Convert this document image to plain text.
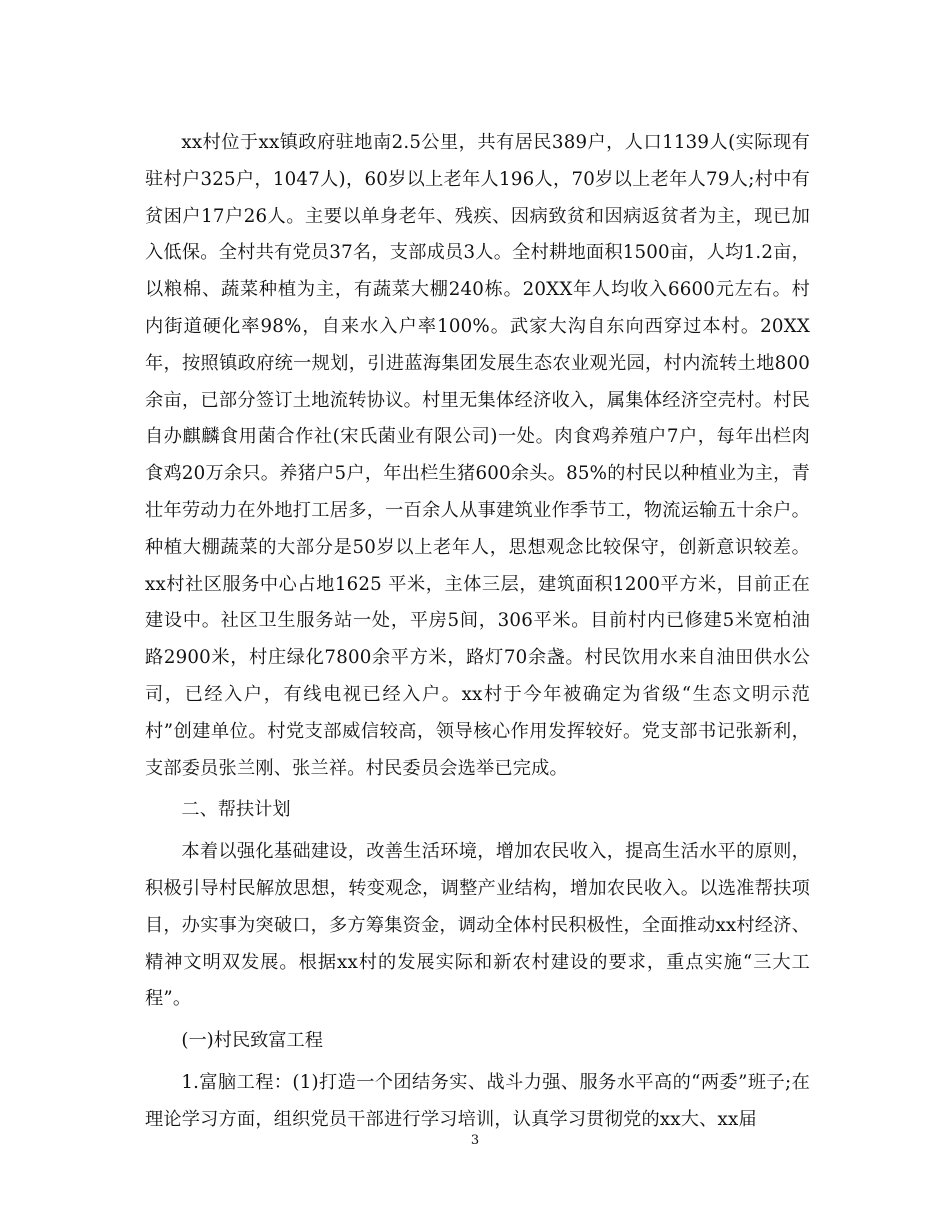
xx村位于xx镇政府驻地南2.5公里，共有居民389户，人口1139人(实际现有驻村户325户，1047人)，60岁以上老年人196人，70岁以上老年人79人;村中有贫困户17户26人。主要以单身老年、残疾、因病致贫和因病返贫者为主，现已加入低保。全村共有党员37名，支部成员3人。全村耕地面积1500亩，人均1.2亩，以粮棉、蔬菜种植为主，有蔬菜大棚240栋。20XX年人均收入6600元左右。村内街道硬化率98%，自来水入户率100%。武家大沟自东向西穿过本村。20XX年，按照镇政府统一规划，引进蓝海集团发展生态农业观光园，村内流转土地800余亩，已部分签订土地流转协议。村里无集体经济收入，属集体经济空壳村。村民自办麒麟食用菌合作社(宋氏菌业有限公司)一处。肉食鸡养殖户7户，每年出栏肉食鸡20万余只。养猪户5户，年出栏生猪600余头。85%的村民以种植业为主，青壮年劳动力在外地打工居多，一百余人从事建筑业作季节工，物流运输五十余户。种植大棚蔬菜的大部分是50岁以上老年人，思想观念比较保守，创新意识较差。xx村社区服务中心占地1625 平米，主体三层，建筑面积1200平方米，目前正在建设中。社区卫生服务站一处，平房5间，306平米。目前村内已修建5米宽柏油路2900米，村庄绿化7800余平方米，路灯70余盏。村民饮用水来自油田供水公司，已经入户，有线电视已经入户。xx村于今年被确定为省级“生态文明示范村”创建单位。村党支部威信较高，领导核心作用发挥较好。党支部书记张新利，支部委员张兰刚、张兰祥。村民委员会选举已完成。

二、帮扶计划

本着以强化基础建设，改善生活环境，增加农民收入，提高生活水平的原则，积极引导村民解放思想，转变观念，调整产业结构，增加农民收入。以选准帮扶项目，办实事为突破口，多方筹集资金，调动全体村民积极性，全面推动xx村经济、精神文明双发展。根据xx村的发展实际和新农村建设的要求，重点实施“三大工程”。

(一)村民致富工程

1.富脑工程：(1)打造一个团结务实、战斗力强、服务水平高的“两委”班子;在理论学习方面，组织党员干部进行学习培训，认真学习贯彻党的xx大、xx届

3
